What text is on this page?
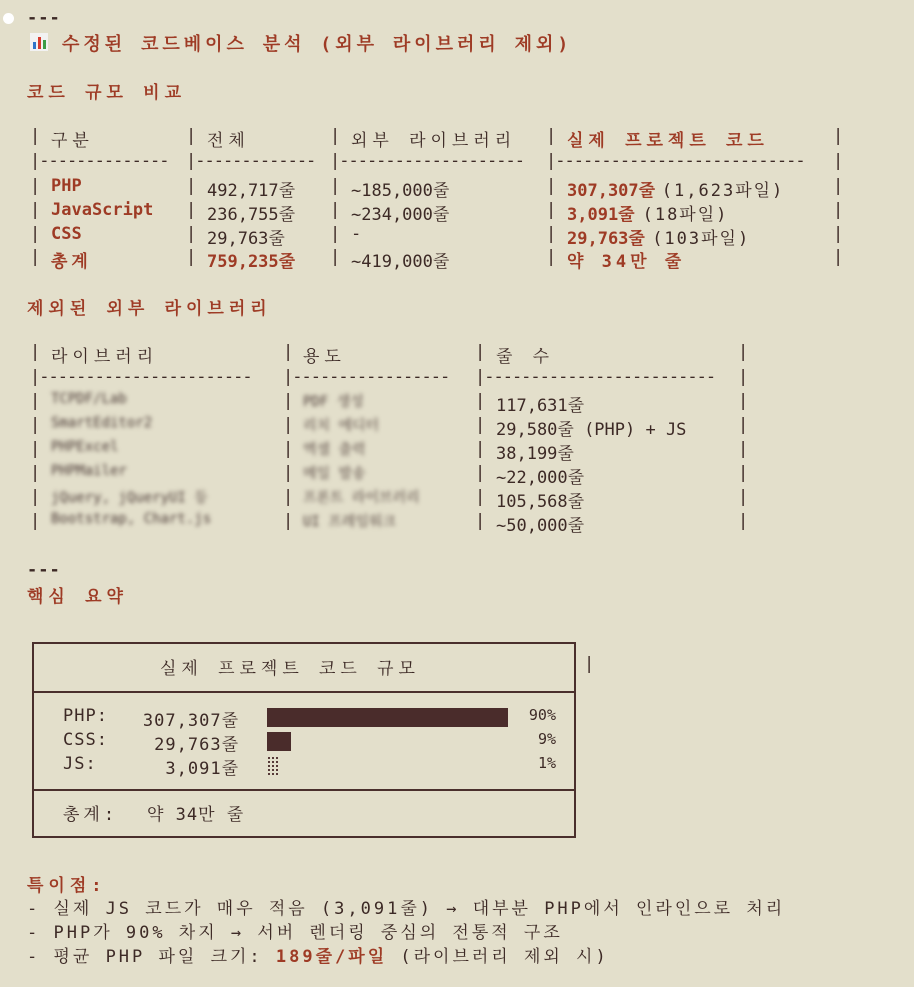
---
수정된 코드베이스 분석 (외부 라이브러리 제외)
코드 규모 비교
|	|	|	|	|
|	|	|	|	|
|	|	|	|	|
|	|	|	|	|
|	|	|	|	|
|-------------- |------------- |-------------------- |--------------------------- |
구분	전체	외부 라이브러리	실제 프로젝트 코드
PHP	492,717줄	~185,000줄	307,307줄 (1,623파일)
JavaScript	236,755줄	~234,000줄	3,091줄 (18파일)
CSS	29,763줄	-	29,763줄 (103파일)
총계	759,235줄	~419,000줄	약 34만 줄
제외된 외부 라이브러리
|	|	|	|
|	|	|	|
|	|	|	|
|	|	|	|
|	|	|	|
|	|	|	|
|	|	|	|
|----------------------- |----------------- |------------------------- |
라이브러리	용도	줄 수
TCPDF/Lab	PDF 생성	117,631줄
SmartEditor2	리치 에디터	29,580줄 (PHP) + JS
PHPExcel	엑셀 출력	38,199줄
PHPMailer	메일 발송	~22,000줄
jQuery, jQueryUI 등	프론트 라이브러리	105,568줄
Bootstrap, Chart.js	UI 프레임워크	~50,000줄
---
핵심 요약
실제 프로젝트 코드 규모	|
PHP: 307,307줄	90%
CSS:	29,763줄	9%
JS:	3,091줄	1%
총계: 약 34만 줄
특이점:
- 실제 JS 코드가 매우 적음 (3,091줄) → 대부분 PHP에서 인라인으로 처리
- PHP가 90% 차지 → 서버 렌더링 중심의 전통적 구조
- 평균 PHP 파일 크기: 189줄/파일 (라이브러리 제외 시)
